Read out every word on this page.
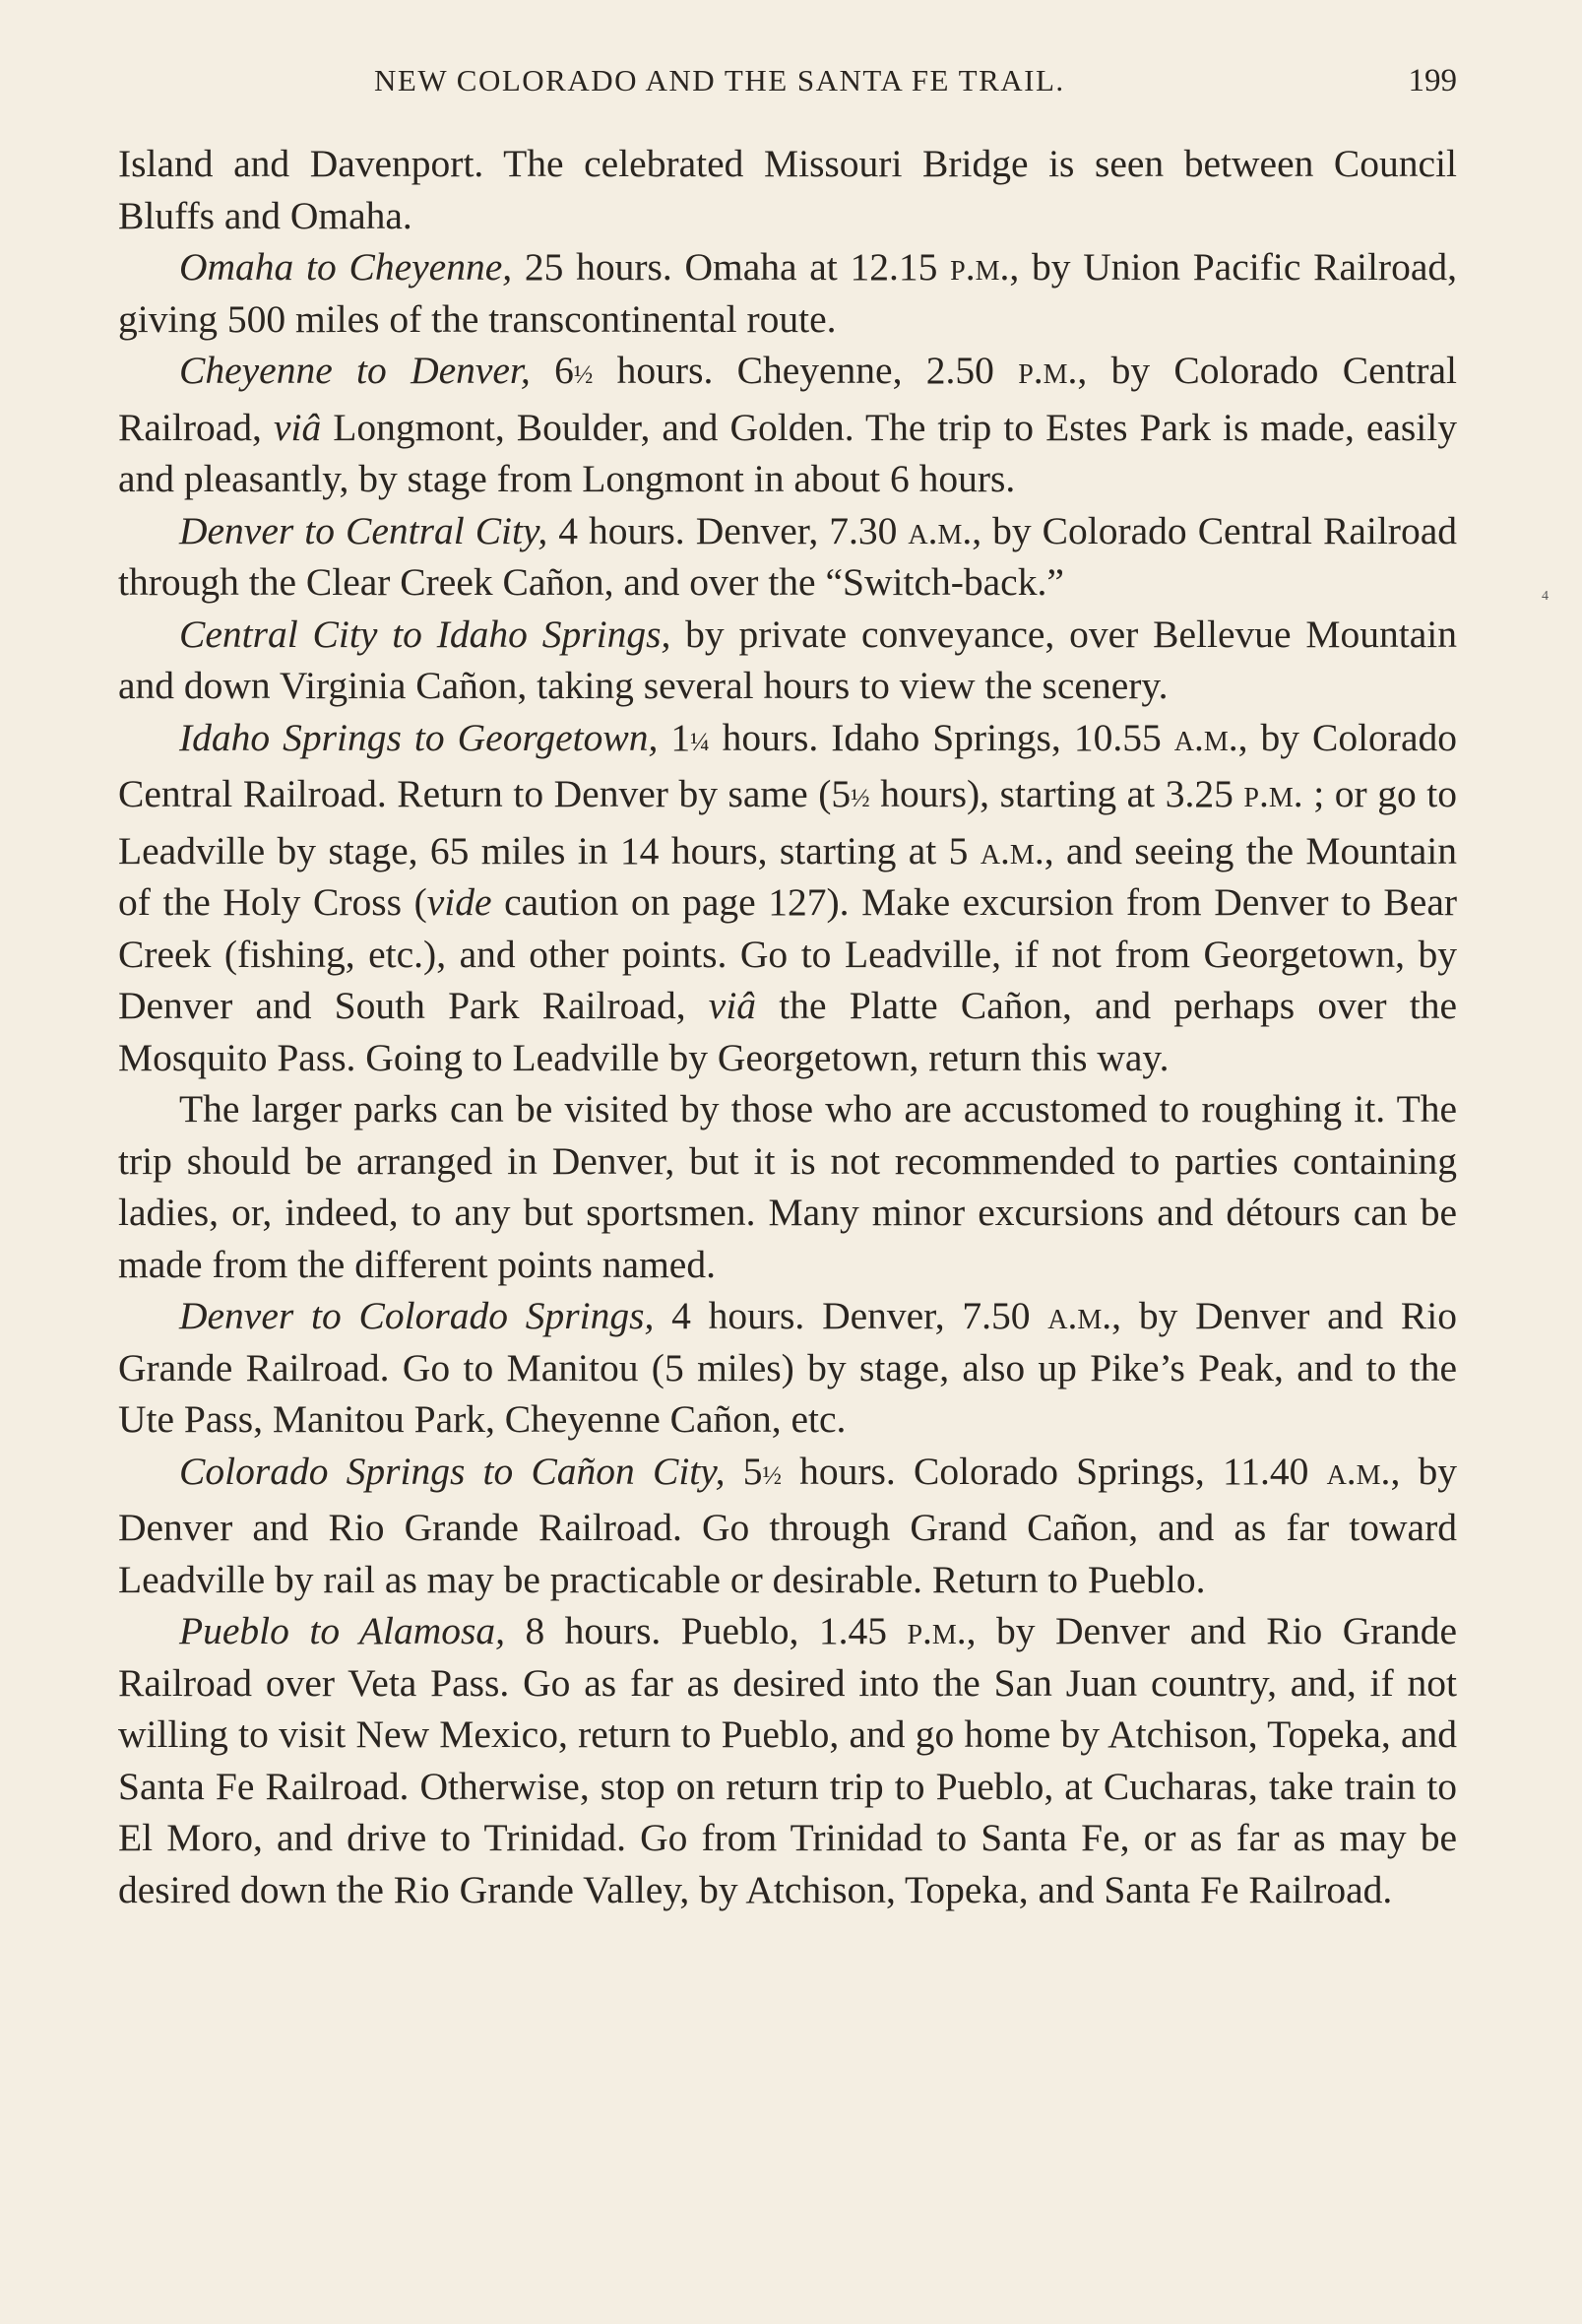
NEW COLORADO AND THE SANTA FE TRAIL.	199
4

Island and Davenport. The celebrated Missouri Bridge is seen between Council Bluffs and Omaha.

Omaha to Cheyenne, 25 hours. Omaha at 12.15 p.m., by Union Pacific Railroad, giving 500 miles of the transcontinental route.

Cheyenne to Denver, 6½ hours. Cheyenne, 2.50 p.m., by Colorado Central Railroad, viâ Longmont, Boulder, and Golden. The trip to Estes Park is made, easily and pleasantly, by stage from Longmont in about 6 hours.

Denver to Central City, 4 hours. Denver, 7.30 a.m., by Colorado Central Railroad through the Clear Creek Cañon, and over the “Switch-back.”

Central City to Idaho Springs, by private conveyance, over Bellevue Mountain and down Virginia Cañon, taking several hours to view the scenery.

Idaho Springs to Georgetown, 1¼ hours. Idaho Springs, 10.55 a.m., by Colorado Central Railroad. Return to Denver by same (5½ hours), starting at 3.25 p.m. ; or go to Leadville by stage, 65 miles in 14 hours, starting at 5 a.m., and seeing the Mountain of the Holy Cross (vide caution on page 127). Make excursion from Denver to Bear Creek (fishing, etc.), and other points. Go to Leadville, if not from Georgetown, by Denver and South Park Railroad, viâ the Platte Cañon, and perhaps over the Mosquito Pass. Going to Leadville by Georgetown, return this way.

The larger parks can be visited by those who are accustomed to roughing it. The trip should be arranged in Denver, but it is not recommended to parties containing ladies, or, indeed, to any but sportsmen. Many minor excursions and détours can be made from the different points named.

Denver to Colorado Springs, 4 hours. Denver, 7.50 a.m., by Denver and Rio Grande Railroad. Go to Manitou (5 miles) by stage, also up Pike’s Peak, and to the Ute Pass, Manitou Park, Cheyenne Cañon, etc.

Colorado Springs to Cañon City, 5½ hours. Colorado Springs, 11.40 a.m., by Denver and Rio Grande Railroad. Go through Grand Cañon, and as far toward Leadville by rail as may be practicable or desirable. Return to Pueblo.

Pueblo to Alamosa, 8 hours. Pueblo, 1.45 p.m., by Denver and Rio Grande Railroad over Veta Pass. Go as far as desired into the San Juan country, and, if not willing to visit New Mexico, return to Pueblo, and go home by Atchison, Topeka, and Santa Fe Railroad. Otherwise, stop on return trip to Pueblo, at Cucharas, take train to El Moro, and drive to Trinidad. Go from Trinidad to Santa Fe, or as far as may be desired down the Rio Grande Valley, by Atchison, Topeka, and Santa Fe Railroad.
